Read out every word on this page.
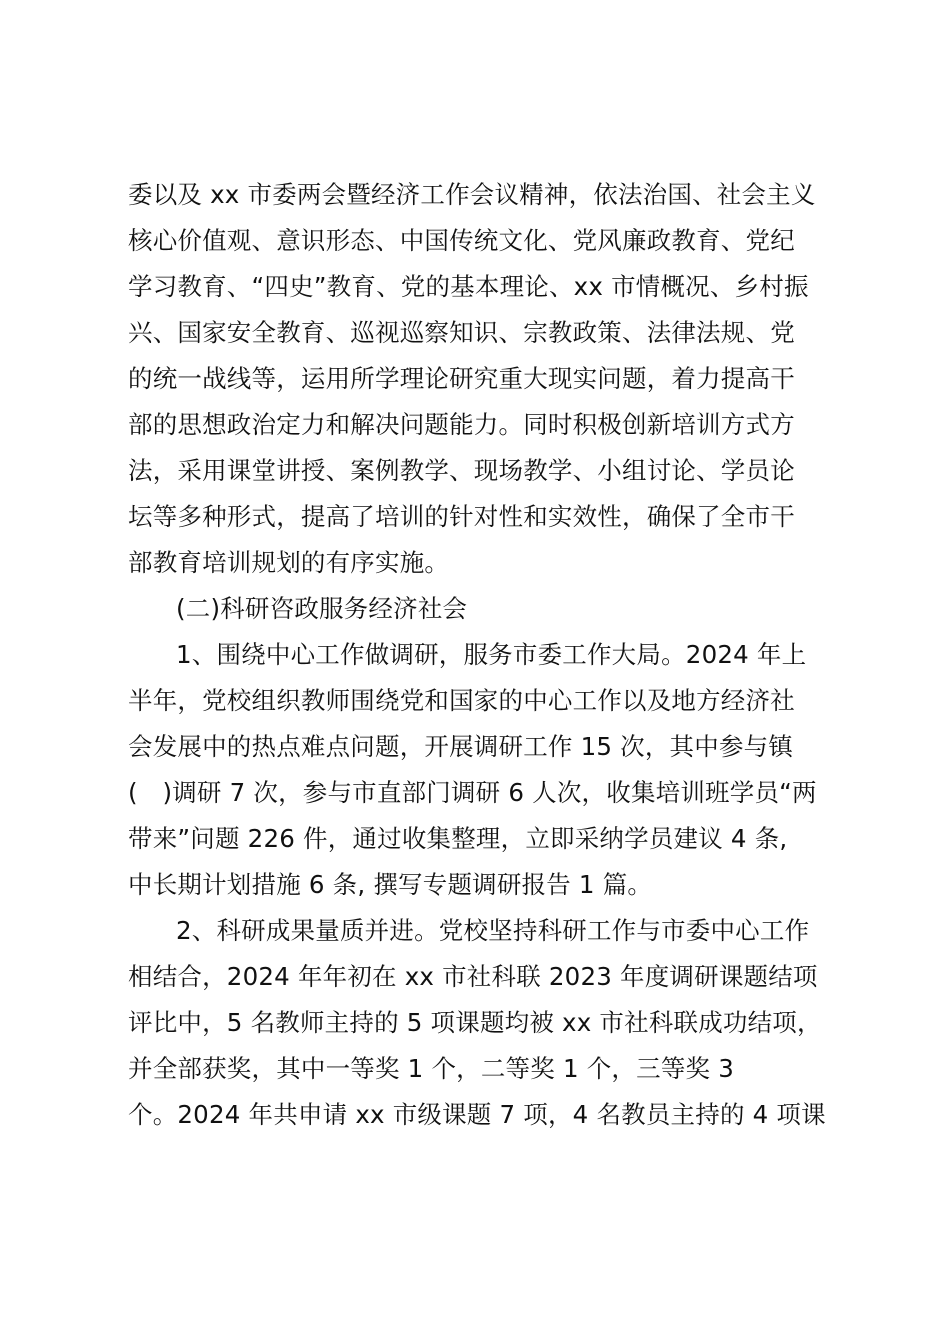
委以及 xx 市委两会暨经济工作会议精神，依法治国、社会主义
核心价值观、意识形态、中国传统文化、党风廉政教育、党纪
学习教育、“四史”教育、党的基本理论、xx 市情概况、乡村振
兴、国家安全教育、巡视巡察知识、宗教政策、法律法规、党
的统一战线等，运用所学理论研究重大现实问题，着力提高干
部的思想政治定力和解决问题能力。同时积极创新培训方式方
法，采用课堂讲授、案例教学、现场教学、小组讨论、学员论
坛等多种形式，提高了培训的针对性和实效性，确保了全市干
部教育培训规划的有序实施。
(二)科研咨政服务经济社会
1、围绕中心工作做调研，服务市委工作大局。2024 年上
半年，党校组织教师围绕党和国家的中心工作以及地方经济社
会发展中的热点难点问题，开展调研工作 15 次，其中参与镇
( )调研 7 次，参与市直部门调研 6 人次，收集培训班学员“两
带来”问题 226 件，通过收集整理，立即采纳学员建议 4 条,
中长期计划措施 6 条, 撰写专题调研报告 1 篇。
2、科研成果量质并进。党校坚持科研工作与市委中心工作
相结合，2024 年年初在 xx 市社科联 2023 年度调研课题结项
评比中，5 名教师主持的 5 项课题均被 xx 市社科联成功结项，
并全部获奖，其中一等奖 1 个，二等奖 1 个，三等奖 3
个。2024 年共申请 xx 市级课题 7 项，4 名教员主持的 4 项课
